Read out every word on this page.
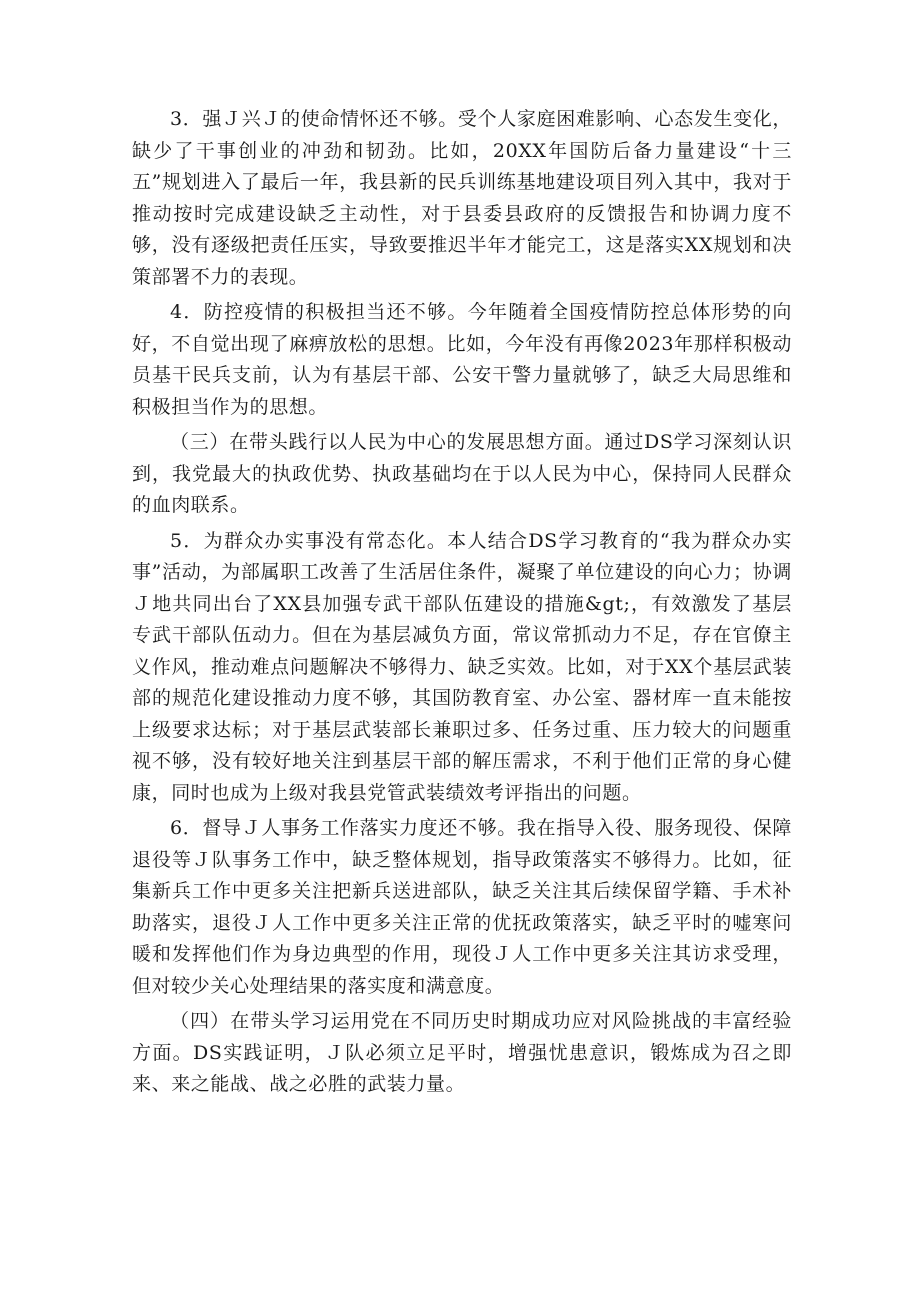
3．强Ｊ兴Ｊ的使命情怀还不够。受个人家庭困难影响、心态发生变化，缺少了干事创业的冲劲和韧劲。比如，20XX年国防后备力量建设“十三五”规划进入了最后一年，我县新的民兵训练基地建设项目列入其中，我对于推动按时完成建设缺乏主动性，对于县委县政府的反馈报告和协调力度不够，没有逐级把责任压实，导致要推迟半年才能完工，这是落实XX规划和决策部署不力的表现。

4．防控疫情的积极担当还不够。今年随着全国疫情防控总体形势的向好，不自觉出现了麻痹放松的思想。比如，今年没有再像2023年那样积极动员基干民兵支前，认为有基层干部、公安干警力量就够了，缺乏大局思维和积极担当作为的思想。

（三）在带头践行以人民为中心的发展思想方面。通过DS学习深刻认识到，我党最大的执政优势、执政基础均在于以人民为中心，保持同人民群众的血肉联系。

5．为群众办实事没有常态化。本人结合DS学习教育的“我为群众办实事”活动，为部属职工改善了生活居住条件，凝聚了单位建设的向心力；协调Ｊ地共同出台了XX县加强专武干部队伍建设的措施&gt;，有效激发了基层专武干部队伍动力。但在为基层减负方面，常议常抓动力不足，存在官僚主义作风，推动难点问题解决不够得力、缺乏实效。比如，对于XX个基层武装部的规范化建设推动力度不够，其国防教育室、办公室、器材库一直未能按上级要求达标；对于基层武装部长兼职过多、任务过重、压力较大的问题重视不够，没有较好地关注到基层干部的解压需求，不利于他们正常的身心健康，同时也成为上级对我县党管武装绩效考评指出的问题。

6．督导Ｊ人事务工作落实力度还不够。我在指导入役、服务现役、保障退役等Ｊ队事务工作中，缺乏整体规划，指导政策落实不够得力。比如，征集新兵工作中更多关注把新兵送进部队，缺乏关注其后续保留学籍、手术补助落实，退役Ｊ人工作中更多关注正常的优抚政策落实，缺乏平时的嘘寒问暖和发挥他们作为身边典型的作用，现役Ｊ人工作中更多关注其访求受理，但对较少关心处理结果的落实度和满意度。

（四）在带头学习运用党在不同历史时期成功应对风险挑战的丰富经验方面。DS实践证明，Ｊ队必须立足平时，增强忧患意识，锻炼成为召之即来、来之能战、战之必胜的武装力量。
